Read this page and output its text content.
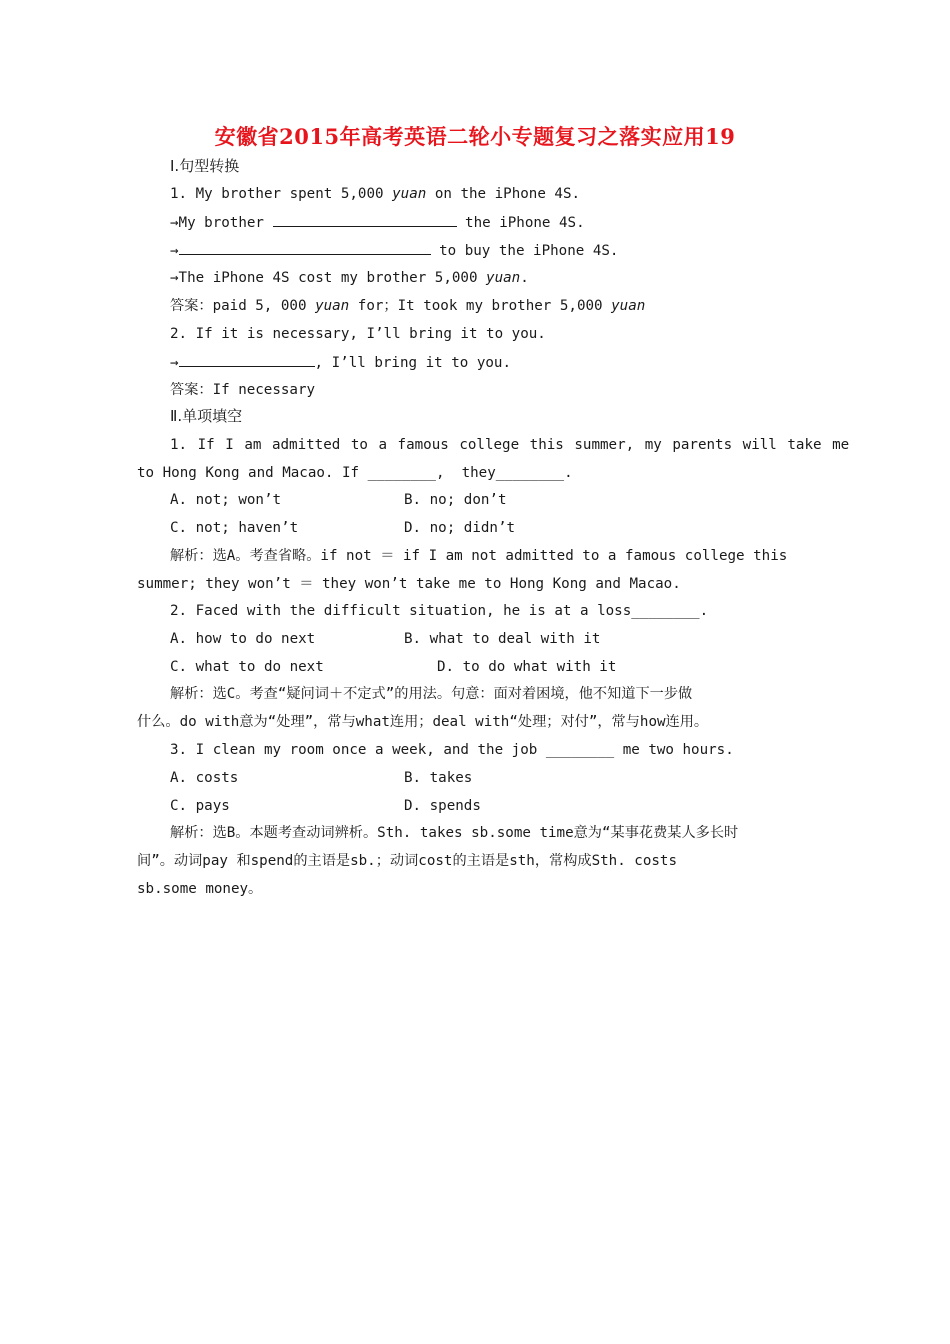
安徽省2015年高考英语二轮小专题复习之落实应用19
Ⅰ.句型转换
1. My brother spent 5,000 yuan on the iPhone 4S.
→My brother	the iPhone 4S.
→	to buy the iPhone 4S.
→The iPhone 4S cost my brother 5,000 yuan.
答案：paid 5, 000 yuan for；It took my brother 5,000 yuan
2. If it is necessary, I’ll bring it to you.
→	, I’ll bring it to you.
答案：If necessary
Ⅱ.单项填空
1. If I am admitted to a famous college this summer, my parents will take me
to Hong Kong and Macao. If ________,  they________.
A. not; won’t	B. no; don’t
C. not; haven’t	D. no; didn’t
解析：选A。考查省略。if not ＝ if I am not admitted to a famous college this
summer; they won’t ＝ they won’t take me to Hong Kong and Macao.
2. Faced with the difficult situation, he is at a loss________.
A. how to do next	B. what to deal with it
C. what to do next	D. to do what with it
解析：选C。考查“疑问词＋不定式”的用法。句意：面对着困境，他不知道下一步做
什么。do with意为“处理”，常与what连用；deal with“处理；对付”，常与how连用。
3. I clean my room once a week, and the job ________ me two hours.
A. costs	B. takes
C. pays	D. spends
解析：选B。本题考查动词辨析。Sth. takes sb.some time意为“某事花费某人多长时
间”。动词pay 和spend的主语是sb.；动词cost的主语是sth，常构成Sth. costs
sb.some money。
